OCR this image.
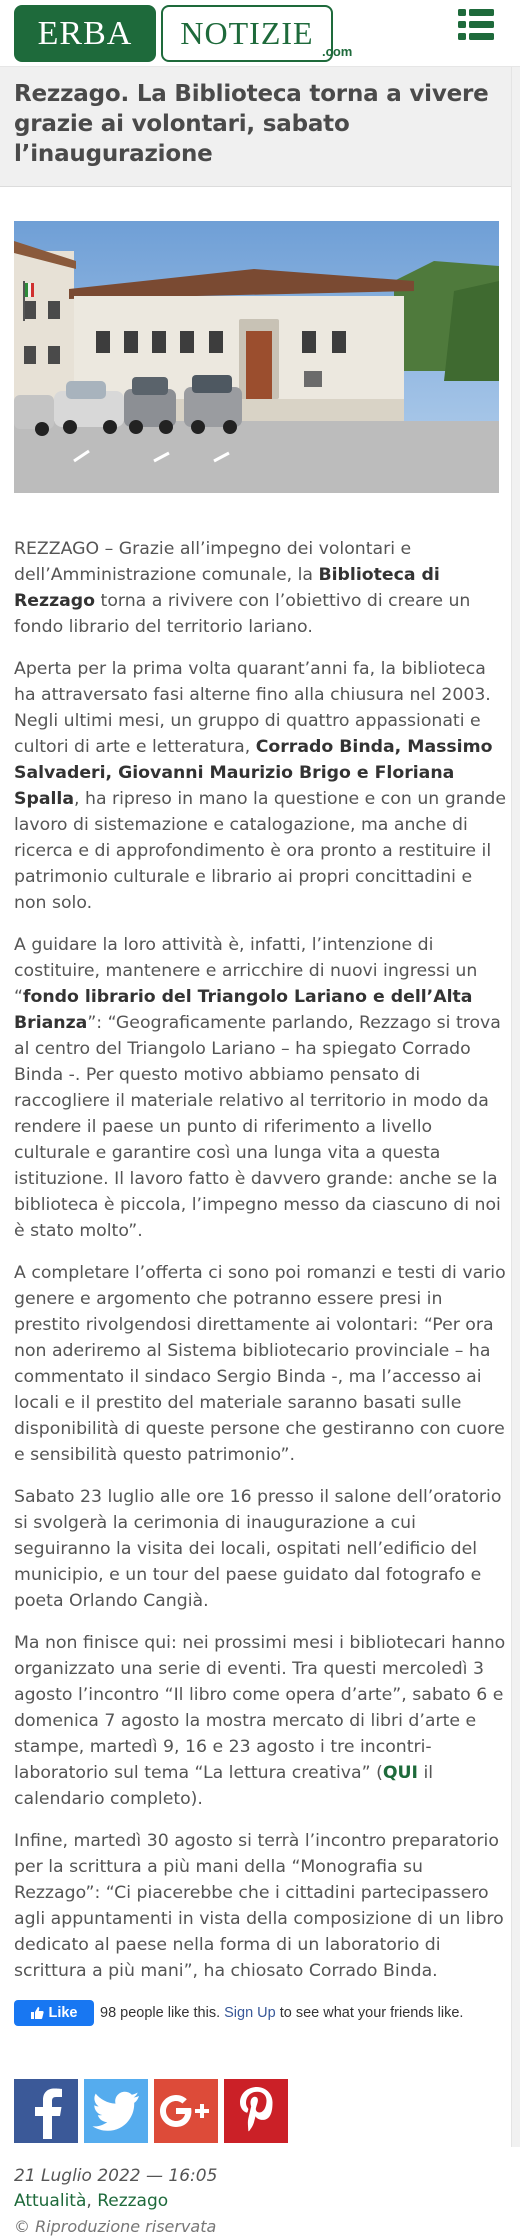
ERBA	NOTIZIE
.com
Rezzago. La Biblioteca torna a vivere grazie ai volontari, sabato l’inaugurazione

REZZAGO – Grazie all’impegno dei volontari e dell’Amministrazione comunale, la Biblioteca di Rezzago torna a rivivere con l’obiettivo di creare un fondo librario del territorio lariano.

Aperta per la prima volta quarant’anni fa, la biblioteca ha attraversato fasi alterne fino alla chiusura nel 2003. Negli ultimi mesi, un gruppo di quattro appassionati e cultori di arte e letteratura, Corrado Binda, Massimo Salvaderi, Giovanni Maurizio Brigo e Floriana Spalla, ha ripreso in mano la questione e con un grande lavoro di sistemazione e catalogazione, ma anche di ricerca e di approfondimento è ora pronto a restituire il patrimonio culturale e librario ai propri concittadini e non solo.

A guidare la loro attività è, infatti, l’intenzione di costituire, mantenere e arricchire di nuovi ingressi un “fondo librario del Triangolo Lariano e dell’Alta Brianza”: “Geograficamente parlando, Rezzago si trova al centro del Triangolo Lariano – ha spiegato Corrado Binda -. Per questo motivo abbiamo pensato di raccogliere il materiale relativo al territorio in modo da rendere il paese un punto di riferimento a livello culturale e garantire così una lunga vita a questa istituzione. Il lavoro fatto è davvero grande: anche se la biblioteca è piccola, l’impegno messo da ciascuno di noi è stato molto”.

A completare l’offerta ci sono poi romanzi e testi di vario genere e argomento che potranno essere presi in prestito rivolgendosi direttamente ai volontari: “Per ora non aderiremo al Sistema bibliotecario provinciale – ha commentato il sindaco Sergio Binda -, ma l’accesso ai locali e il prestito del materiale saranno basati sulle disponibilità di queste persone che gestiranno con cuore e sensibilità questo patrimonio”.

Sabato 23 luglio alle ore 16 presso il salone dell’oratorio si svolgerà la cerimonia di inaugurazione a cui seguiranno la visita dei locali, ospitati nell’edificio del municipio, e un tour del paese guidato dal fotografo e poeta Orlando Cangià.

Ma non finisce qui: nei prossimi mesi i bibliotecari hanno organizzato una serie di eventi. Tra questi mercoledì 3 agosto l’incontro “Il libro come opera d’arte”, sabato 6 e domenica 7 agosto la mostra mercato di libri d’arte e stampe, martedì 9, 16 e 23 agosto i tre incontri-laboratorio sul tema “La lettura creativa” (QUI il calendario completo).

Infine, martedì 30 agosto si terrà l’incontro preparatorio per la scrittura a più mani della “Monografia su Rezzago”: “Ci piacerebbe che i cittadini partecipassero agli appuntamenti in vista della composizione di un libro dedicato al paese nella forma di un laboratorio di scrittura a più mani”, ha chiosato Corrado Binda.

Like 98 people like this. Sign Up to see what your friends like.
21 Luglio 2022 — 16:05
Attualità, Rezzago
© Riproduzione riservata
